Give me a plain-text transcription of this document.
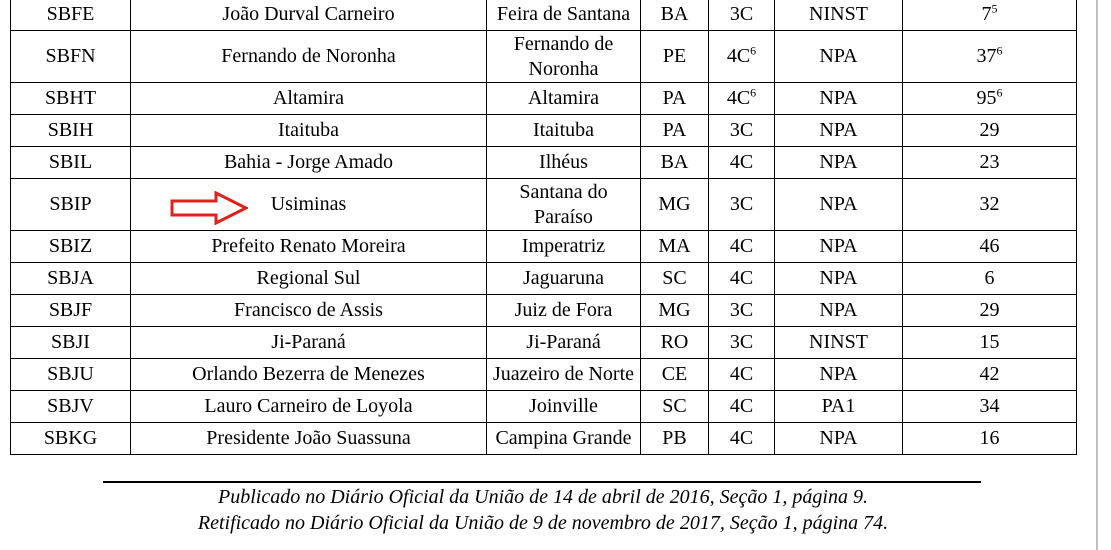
SBFE	João Durval Carneiro	Feira de Santana	BA	3C	NINST	$7^5$
SBFN	Fernando de Noronha	Fernando de Noronha	PE	$4C^6$	NPA	$37^6$
SBHT	Altamira	Altamira	PA	$4C^6$	NPA	$95^6$
SBIH	Itaituba	Itaituba	PA	3C	NPA	29
SBIL	Bahia - Jorge Amado	Ilhéus	BA	4C	NPA	23
SBIP	Usiminas	Santana do Paraíso	MG	3C	NPA	32
SBIZ	Prefeito Renato Moreira	Imperatriz	MA	4C	NPA	46
SBJA	Regional Sul	Jaguaruna	SC	4C	NPA	6
SBJF	Francisco de Assis	Juiz de Fora	MG	3C	NPA	29
SBJI	Ji-Paraná	Ji-Paraná	RO	3C	NINST	15
SBJU	Orlando Bezerra de Menezes	Juazeiro de Norte	CE	4C	NPA	42
SBJV	Lauro Carneiro de Loyola	Joinville	SC	4C	PA1	34
SBKG	Presidente João Suassuna	Campina Grande	PB	4C	NPA	16
Publicado no Diário Oficial da União de 14 de abril de 2016, Seção 1, página 9.
Retificado no Diário Oficial da União de 9 de novembro de 2017, Seção 1, página 74.
